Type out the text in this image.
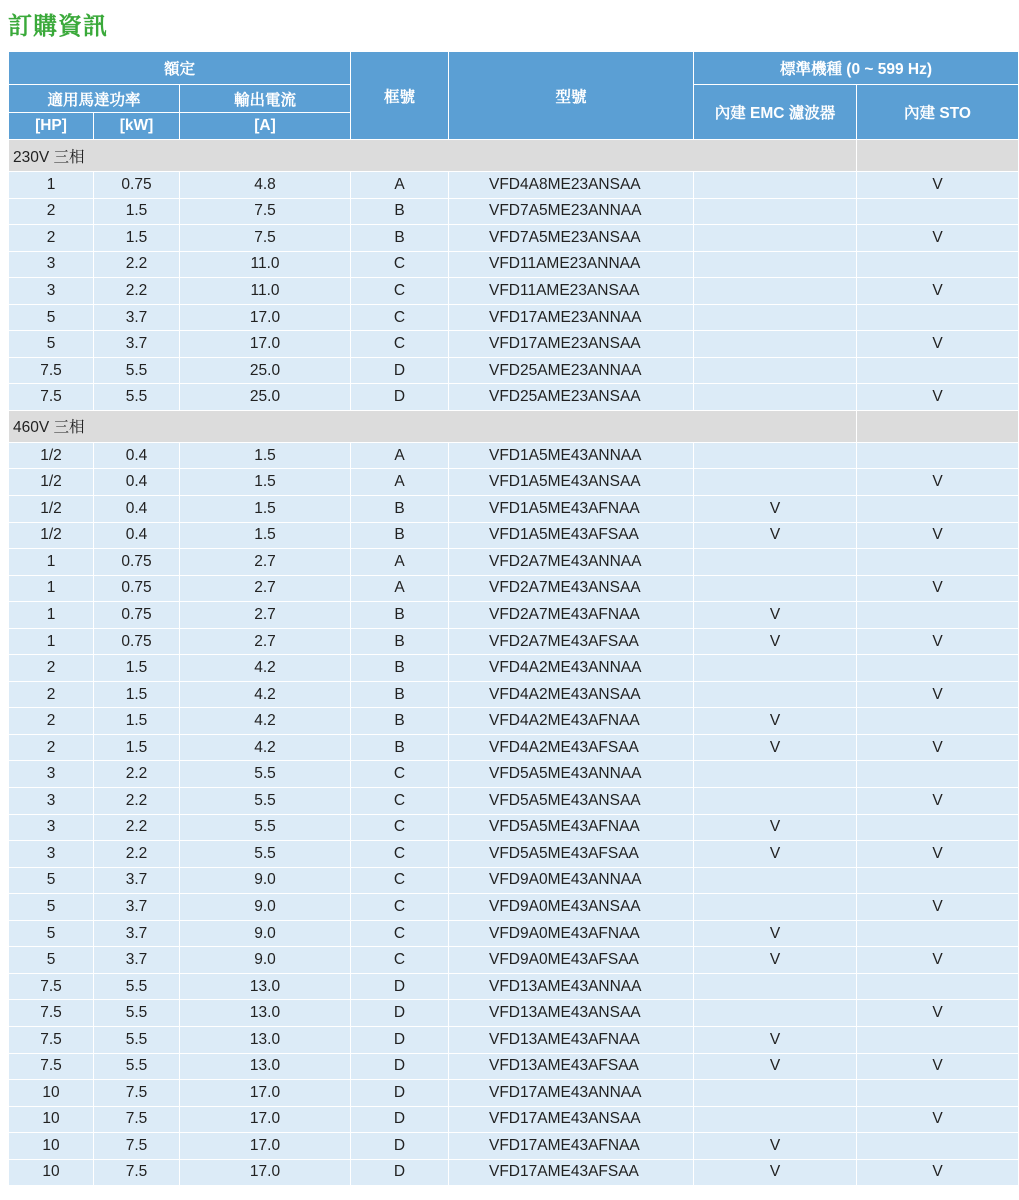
訂購資訊
額定			框號	型號	標準機種 (0 ~ 599 Hz)	
適用馬達功率		輸出電流			內建 EMC 濾波器	內建 STO
[HP]	[kW]	[A]				
230V 三相						
1	0.75	4.8	A	VFD4A8ME23ANSAA		V
2	1.5	7.5	B	VFD7A5ME23ANNAA		
2	1.5	7.5	B	VFD7A5ME23ANSAA		V
3	2.2	11.0	C	VFD11AME23ANNAA		
3	2.2	11.0	C	VFD11AME23ANSAA		V
5	3.7	17.0	C	VFD17AME23ANNAA		
5	3.7	17.0	C	VFD17AME23ANSAA		V
7.5	5.5	25.0	D	VFD25AME23ANNAA		
7.5	5.5	25.0	D	VFD25AME23ANSAA		V
460V 三相						
1/2	0.4	1.5	A	VFD1A5ME43ANNAA		
1/2	0.4	1.5	A	VFD1A5ME43ANSAA		V
1/2	0.4	1.5	B	VFD1A5ME43AFNAA	V	
1/2	0.4	1.5	B	VFD1A5ME43AFSAA	V	V
1	0.75	2.7	A	VFD2A7ME43ANNAA		
1	0.75	2.7	A	VFD2A7ME43ANSAA		V
1	0.75	2.7	B	VFD2A7ME43AFNAA	V	
1	0.75	2.7	B	VFD2A7ME43AFSAA	V	V
2	1.5	4.2	B	VFD4A2ME43ANNAA		
2	1.5	4.2	B	VFD4A2ME43ANSAA		V
2	1.5	4.2	B	VFD4A2ME43AFNAA	V	
2	1.5	4.2	B	VFD4A2ME43AFSAA	V	V
3	2.2	5.5	C	VFD5A5ME43ANNAA		
3	2.2	5.5	C	VFD5A5ME43ANSAA		V
3	2.2	5.5	C	VFD5A5ME43AFNAA	V	
3	2.2	5.5	C	VFD5A5ME43AFSAA	V	V
5	3.7	9.0	C	VFD9A0ME43ANNAA		
5	3.7	9.0	C	VFD9A0ME43ANSAA		V
5	3.7	9.0	C	VFD9A0ME43AFNAA	V	
5	3.7	9.0	C	VFD9A0ME43AFSAA	V	V
7.5	5.5	13.0	D	VFD13AME43ANNAA		
7.5	5.5	13.0	D	VFD13AME43ANSAA		V
7.5	5.5	13.0	D	VFD13AME43AFNAA	V	
7.5	5.5	13.0	D	VFD13AME43AFSAA	V	V
10	7.5	17.0	D	VFD17AME43ANNAA		
10	7.5	17.0	D	VFD17AME43ANSAA		V
10	7.5	17.0	D	VFD17AME43AFNAA	V	
10	7.5	17.0	D	VFD17AME43AFSAA	V	V
